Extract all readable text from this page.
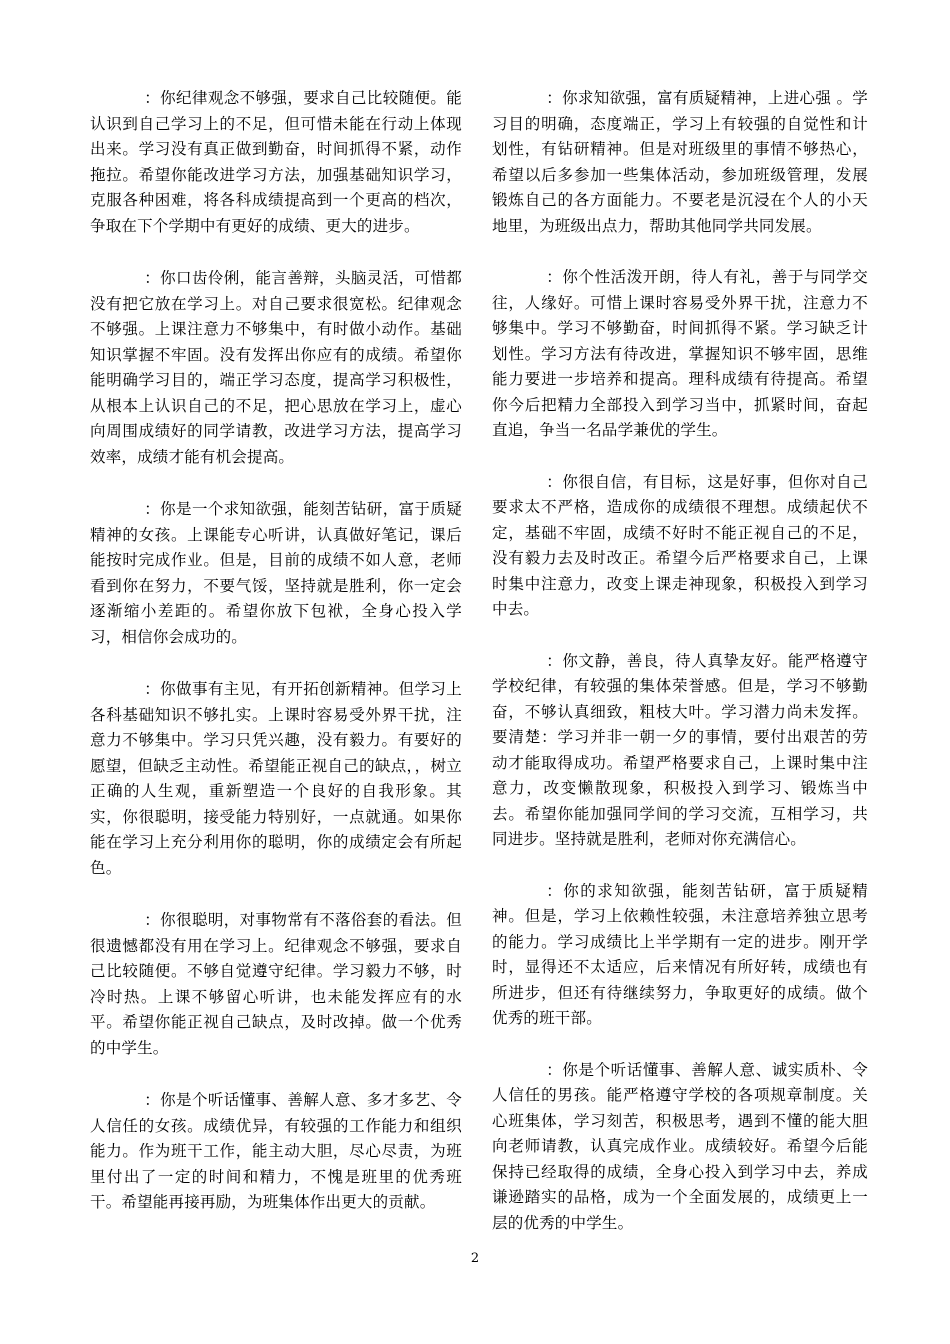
：你纪律观念不够强，要求自己比较随便。能认识到自己学习上的不足，但可惜未能在行动上体现出来。学习没有真正做到勤奋，时间抓得不紧，动作拖拉。希望你能改进学习方法，加强基础知识学习，克服各种困难，将各科成绩提高到一个更高的档次，争取在下个学期中有更好的成绩、更大的进步。

：你口齿伶俐，能言善辩，头脑灵活，可惜都没有把它放在学习上。对自己要求很宽松。纪律观念不够强。上课注意力不够集中，有时做小动作。基础知识掌握不牢固。没有发挥出你应有的成绩。希望你能明确学习目的，端正学习态度，提高学习积极性，从根本上认识自己的不足，把心思放在学习上，虚心向周围成绩好的同学请教，改进学习方法，提高学习效率，成绩才能有机会提高。

：你是一个求知欲强，能刻苦钻研，富于质疑精神的女孩。上课能专心听讲，认真做好笔记，课后能按时完成作业。但是，目前的成绩不如人意，老师看到你在努力，不要气馁，坚持就是胜利，你一定会逐渐缩小差距的。希望你放下包袱，全身心投入学习，相信你会成功的。

：你做事有主见，有开拓创新精神。但学习上各科基础知识不够扎实。上课时容易受外界干扰，注意力不够集中。学习只凭兴趣，没有毅力。有要好的愿望，但缺乏主动性。希望能正视自己的缺点，，树立正确的人生观，重新塑造一个良好的自我形象。其实，你很聪明，接受能力特别好，一点就通。如果你能在学习上充分利用你的聪明，你的成绩定会有所起色。

：你很聪明，对事物常有不落俗套的看法。但很遗憾都没有用在学习上。纪律观念不够强，要求自己比较随便。不够自觉遵守纪律。学习毅力不够，时冷时热。上课不够留心听讲，也未能发挥应有的水平。希望你能正视自己缺点，及时改掉。做一个优秀的中学生。

：你是个听话懂事、善解人意、多才多艺、令人信任的女孩。成绩优异，有较强的工作能力和组织能力。作为班干工作，能主动大胆，尽心尽责，为班里付出了一定的时间和精力，不愧是班里的优秀班干。希望能再接再励，为班集体作出更大的贡献。

：你求知欲强，富有质疑精神，上进心强 。学习目的明确，态度端正，学习上有较强的自觉性和计划性，有钻研精神。但是对班级里的事情不够热心，希望以后多参加一些集体活动，参加班级管理，发展锻炼自己的各方面能力。不要老是沉浸在个人的小天地里，为班级出点力，帮助其他同学共同发展。

：你个性活泼开朗，待人有礼，善于与同学交往，人缘好。可惜上课时容易受外界干扰，注意力不够集中。学习不够勤奋，时间抓得不紧。学习缺乏计划性。学习方法有待改进，掌握知识不够牢固，思维能力要进一步培养和提高。理科成绩有待提高。希望你今后把精力全部投入到学习当中，抓紧时间，奋起直追，争当一名品学兼优的学生。

：你很自信，有目标，这是好事，但你对自己要求太不严格，造成你的成绩很不理想。成绩起伏不定，基础不牢固，成绩不好时不能正视自己的不足，没有毅力去及时改正。希望今后严格要求自己，上课时集中注意力，改变上课走神现象，积极投入到学习中去。

：你文静，善良，待人真挚友好。能严格遵守学校纪律，有较强的集体荣誉感。但是，学习不够勤奋，不够认真细致，粗枝大叶。学习潜力尚未发挥。要清楚：学习并非一朝一夕的事情，要付出艰苦的劳动才能取得成功。希望严格要求自己，上课时集中注意力，改变懒散现象，积极投入到学习、锻炼当中去。希望你能加强同学间的学习交流，互相学习，共同进步。坚持就是胜利，老师对你充满信心。

：你的求知欲强，能刻苦钻研，富于质疑精神。但是，学习上依赖性较强，未注意培养独立思考的能力。学习成绩比上半学期有一定的进步。刚开学时，显得还不太适应，后来情况有所好转，成绩也有所进步，但还有待继续努力，争取更好的成绩。做个优秀的班干部。

：你是个听话懂事、善解人意、诚实质朴、令人信任的男孩。能严格遵守学校的各项规章制度。关心班集体，学习刻苦，积极思考，遇到不懂的能大胆向老师请教，认真完成作业。成绩较好。希望今后能保持已经取得的成绩，全身心投入到学习中去，养成谦逊踏实的品格，成为一个全面发展的，成绩更上一层的优秀的中学生。

2
